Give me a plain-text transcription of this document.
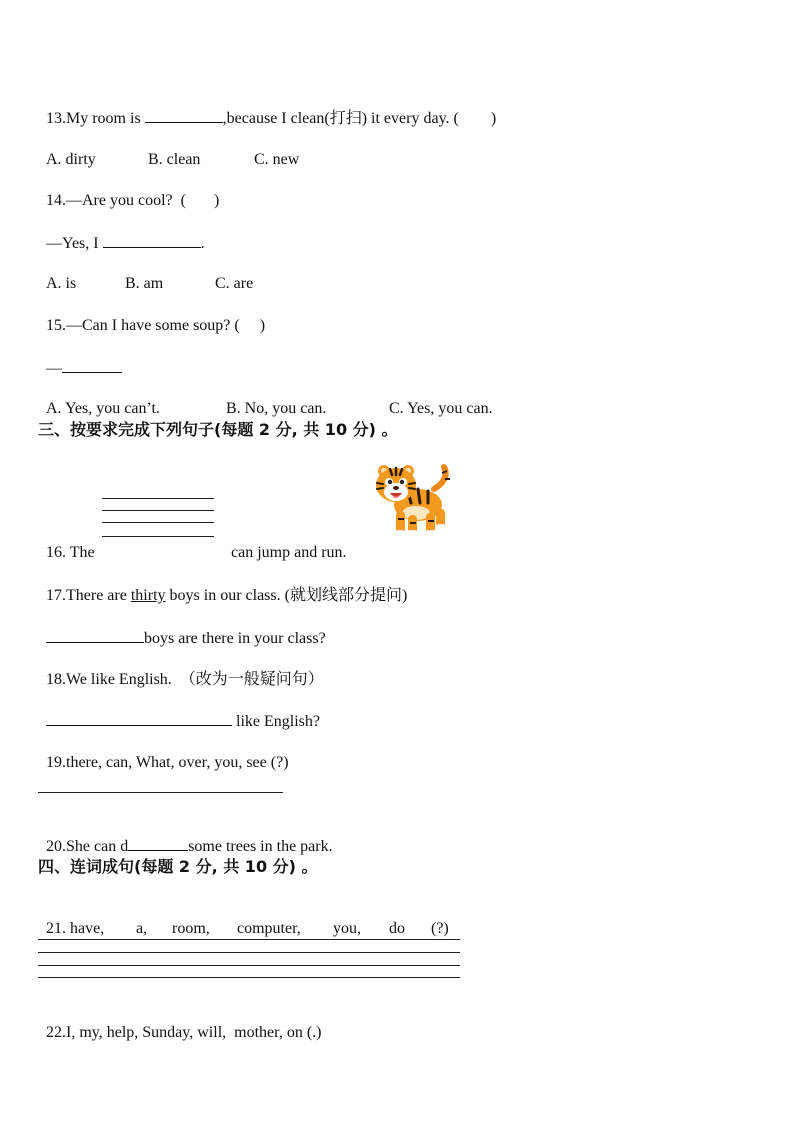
13.My room is	,because I clean(打扫) it every day. (        )

A. dirty	B. clean	C. new

14.—Are you cool?  (       )

—Yes, I	.

A. is	B. am	C. are

15.—Can I have some soup? (     )

—

A. Yes, you can’t.	B. No, you can.	C. Yes, you can.

三、按要求完成下列句子(每题 2 分, 共 10 分) 。

16. The	can jump and run.

17.There are thirty boys in our class. (就划线部分提问)

boys are there in your class?

18.We like English.  （改为一般疑问句）

like English?

19.there, can, What, over, you, see (?)

20.She can d	some trees in the park.

四、连词成句(每题 2 分, 共 10 分) 。

21. have, a, room, computer, you, do (?)

22.I, my, help, Sunday, will,  mother, on (.)
